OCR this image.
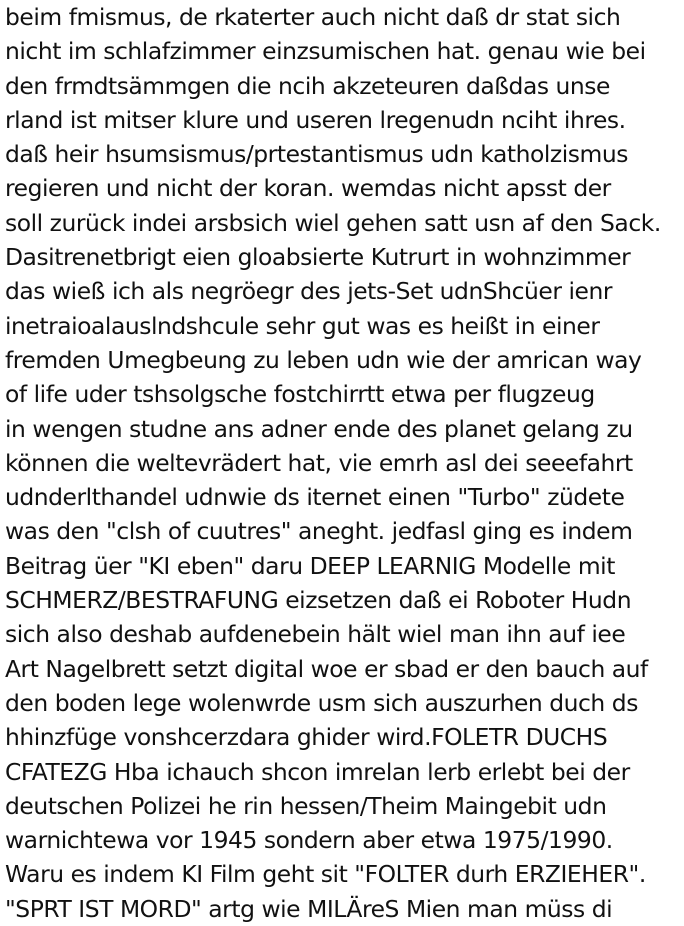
beim fmismus, de rkaterter auch nicht daß dr stat sich
nicht im schlafzimmer einzsumischen hat. genau wie bei
den frmdtsämmgen die ncih akzeteuren daßdas unse
rland ist mitser klure und useren lregenudn nciht ihres.
daß heir hsumsismus/prtestantismus udn katholzismus
regieren und nicht der koran. wemdas nicht apsst der
soll zurück indei arsbsich wiel gehen satt usn af den Sack.
Dasitrenetbrigt eien gloabsierte Kutrurt in wohnzimmer
das wieß ich als negröegr des jets-Set udnShcüer ienr
inetraioalauslndshcule sehr gut was es heißt in einer
fremden Umegbeung zu leben udn wie der amrican way
of life uder tshsolgsche fostchirrtt etwa per flugzeug
in wengen studne ans adner ende des planet gelang zu
können die weltevrädert hat, vie emrh asl dei seeefahrt
udnderlthandel udnwie ds iternet einen "Turbo" züdete
was den "clsh of cuutres" aneght. jedfasl ging es indem
Beitrag üer "KI eben" daru DEEP LEARNIG Modelle mit
SCHMERZ/BESTRAFUNG eizsetzen daß ei Roboter Hudn
sich also deshab aufdenebein hält wiel man ihn auf iee
Art Nagelbrett setzt digital woe er sbad er den bauch auf
den boden lege wolenwrde usm sich auszurhen duch ds
hhinzfüge vonshcerzdara ghider wird.FOLETR DUCHS
CFATEZG Hba ichauch shcon imrelan lerb erlebt bei der
deutschen Polizei he rin hessen/Theim Maingebit udn
warnichtewa vor 1945 sondern aber etwa 1975/1990.
Waru es indem KI Film geht sit "FOLTER durh ERZIEHER".
"SPRT IST MORD" artg wie MILÄreS Mien man müss di
